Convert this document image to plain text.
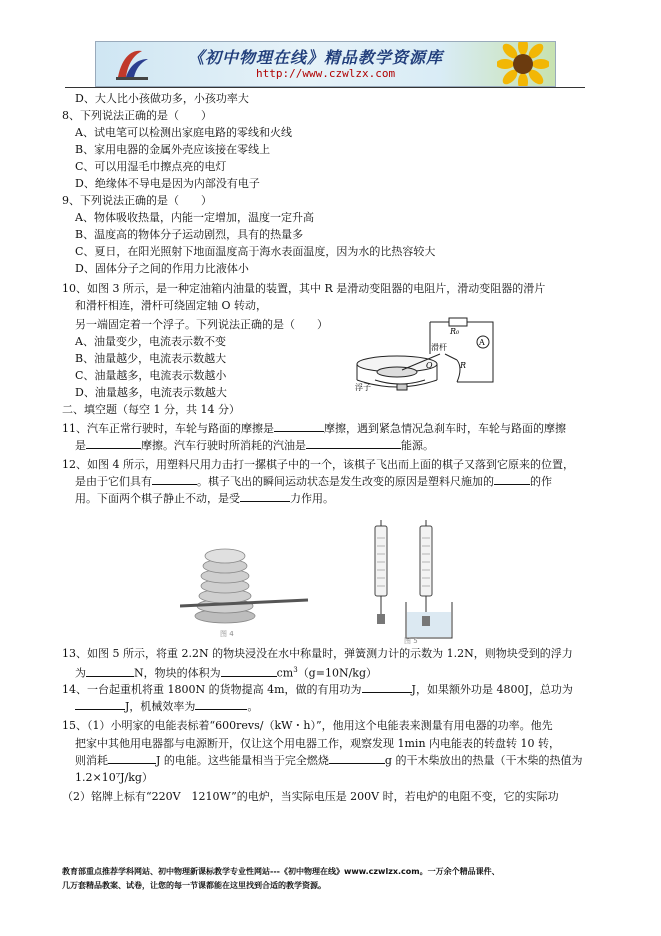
《初中物理在线》精品教学资源库
http://www.czwlzx.com
D、大人比小孩做功多，小孩功率大
8、下列说法正确的是（　　）
A、试电笔可以检测出家庭电路的零线和火线
B、家用电器的金属外壳应该接在零线上
C、可以用湿毛巾擦点亮的电灯
D、绝缘体不导电是因为内部没有电子
9、下列说法正确的是（　　）
A、物体吸收热量，内能一定增加，温度一定升高
B、温度高的物体分子运动剧烈，具有的热量多
C、夏日，在阳光照射下地面温度高于海水表面温度，因为水的比热容较大
D、固体分子之间的作用力比液体小
10、如图 3 所示，是一种定油箱内油量的装置，其中 R 是滑动变阻器的电阻片，滑动变阻器的滑片
和滑杆相连，滑杆可绕固定轴 O 转动，
另一端固定着一个浮子。下列说法正确的是（　　）
A、油量变少，电流表示数不变
B、油量越少，电流表示数越大
C、油量越多，电流表示数越小
D、油量越多，电流表示数越大
二、填空题（每空 1 分，共 14 分）
11、汽车正常行驶时，车轮与路面的摩擦是	摩擦，遇到紧急情况急刹车时，车轮与路面的摩擦
是	摩擦。汽车行驶时所消耗的汽油是	能源。
12、如图 4 所示，用塑料尺用力击打一摞棋子中的一个，该棋子飞出而上面的棋子又落到它原来的位置，
是由于它们具有	。棋子飞出的瞬间运动状态是发生改变的原因是塑料尺施加的	的作
用。下面两个棋子静止不动，是受	力作用。
13、如图 5 所示，将重 2.2N 的物块浸没在水中称量时，弹簧测力计的示数为 1.2N，则物块受到的浮力
为	N，物块的体积为	$cm^3(g=10N/kg)$
14、一台起重机将重 1800N 的货物提高 4m，做的有用功为	J，如果额外功是 4800J，总功为
J，机械效率为	。
15、（1）小明家的电能表标着“600revs/（kW・h）”，他用这个电能表来测量有用电器的功率。他先
把家中其他用电器都与电源断开，仅让这个用电器工作，观察发现 1min 内电能表的转盘转 10 转，
则消耗	J 的电能。这些能量相当于完全燃烧	g 的干木柴放出的热量（干木柴的热值为
1.2×10⁷J/kg）
（2）铭牌上标有“220V　1210W”的电炉，当实际电压是 200V 时，若电炉的电阻不变，它的实际功
R₀
A
滑杆
O	R
浮子
图 4
图 5
教育部重点推荐学科网站、初中物理新课标教学专业性网站---《初中物理在线》www.czwlzx.com。一万余个精品课件、
几万套精品教案、试卷，让您的每一节课都能在这里找到合适的教学资源。
